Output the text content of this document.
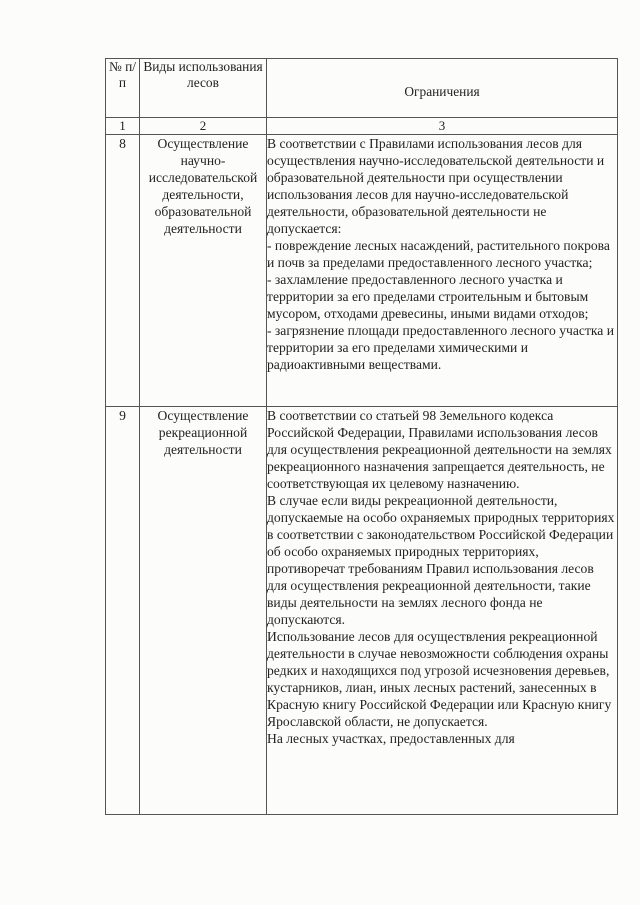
№ п/п	Виды использования лесов	Ограничения
1	2	3
8	Осуществление научно-исследовательской деятельности, образовательной деятельности	В соответствии с Правилами использования лесов для осуществления научно-исследовательской деятельности и образовательной деятельности при осуществлении использования лесов для научно-исследовательской деятельности, образовательной деятельности не допускается:

- повреждение лесных насаждений, растительного покрова и почв за пределами предоставленного лесного участка;

- захламление предоставленного лесного участка и территории за его пределами строительным и бытовым мусором, отходами древесины, иными видами отходов;

- загрязнение площади предоставленного лесного участка и территории за его пределами химическими и радиоактивными веществами.

9	Осуществление рекреационной деятельности	В соответствии со статьей 98 Земельного кодекса Российской Федерации, Правилами использования лесов для осуществления рекреационной деятельности на землях рекреационного назначения запрещается деятельность, не соответствующая их целевому назначению.

В случае если виды рекреационной деятельности, допускаемые на особо охраняемых природных территориях в соответствии с законодательством Российской Федерации об особо охраняемых природных территориях, противоречат требованиям Правил использования лесов для осуществления рекреационной деятельности, такие виды деятельности на землях лесного фонда не допускаются.

Использование лесов для осуществления рекреационной деятельности в случае невозможности соблюдения охраны редких и находящихся под угрозой исчезновения деревьев, кустарников, лиан, иных лесных растений, занесенных в Красную книгу Российской Федерации или Красную книгу Ярославской области, не допускается.

На лесных участках, предоставленных для
